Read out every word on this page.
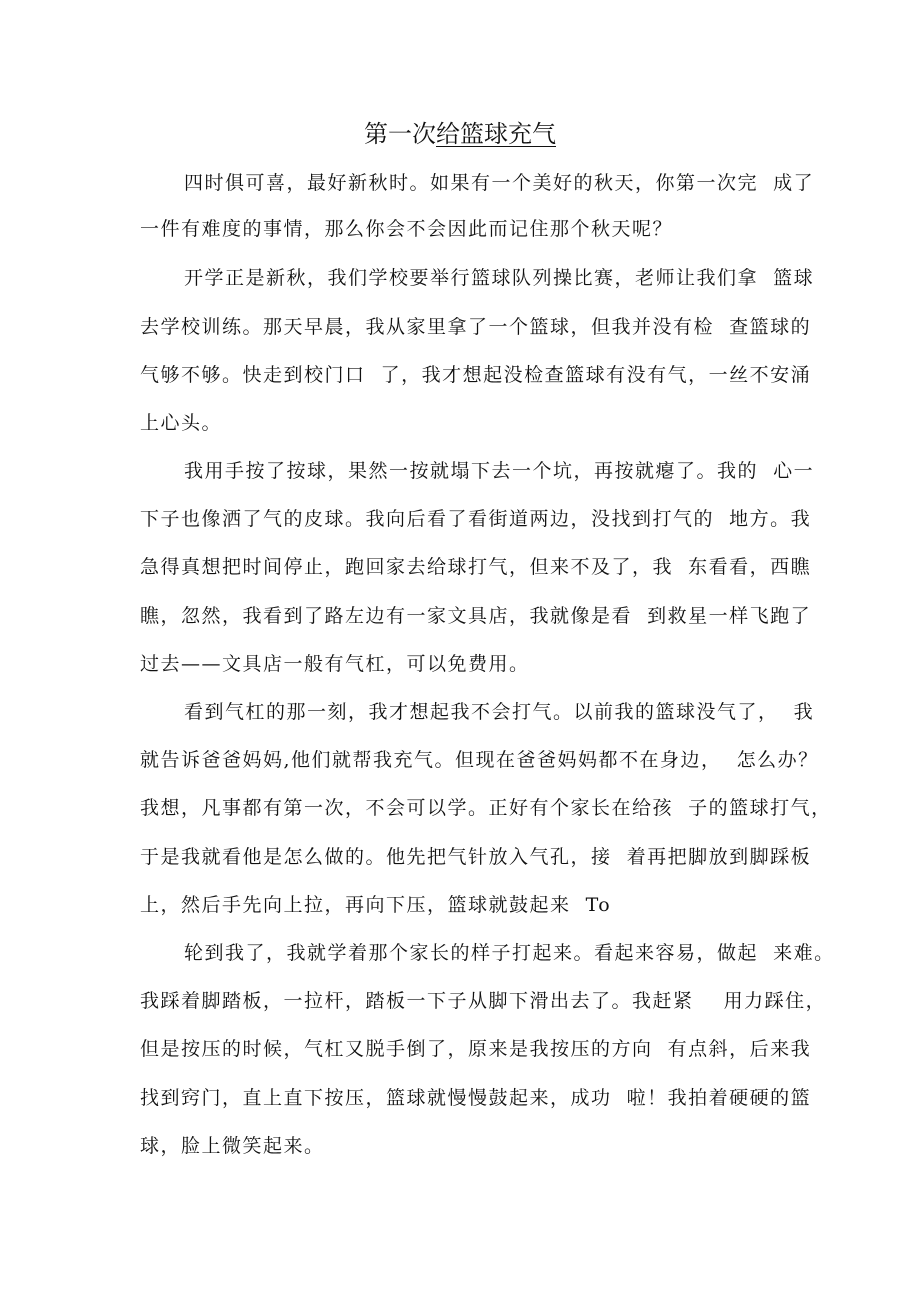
第一次给篮球充气

四时俱可喜，最好新秋时。如果有一个美好的秋天，你第一次完  成了

一件有难度的事情，那么你会不会因此而记住那个秋天呢？

开学正是新秋，我们学校要举行篮球队列操比赛，老师让我们拿  篮球

去学校训练。那天早晨，我从家里拿了一个篮球，但我并没有检  查篮球的

气够不够。快走到校门口  了，我才想起没检查篮球有没有气，一丝不安涌

上心头。

我用手按了按球，果然一按就塌下去一个坑，再按就瘪了。我的  心一

下子也像洒了气的皮球。我向后看了看街道两边，没找到打气的  地方。我

急得真想把时间停止，跑回家去给球打气，但来不及了，我  东看看，西瞧

瞧，忽然，我看到了路左边有一家文具店，我就像是看  到救星一样飞跑了

过去——文具店一般有气杠，可以免费用。

看到气杠的那一刻，我才想起我不会打气。以前我的篮球没气了，  我

就告诉爸爸妈妈,他们就帮我充气。但现在爸爸妈妈都不在身边，  怎么办？

我想，凡事都有第一次，不会可以学。正好有个家长在给孩  子的篮球打气，

于是我就看他是怎么做的。他先把气针放入气孔，接  着再把脚放到脚踩板

上，然后手先向上拉，再向下压，篮球就鼓起来  To

轮到我了，我就学着那个家长的样子打起来。看起来容易，做起  来难。

我踩着脚踏板，一拉杆，踏板一下子从脚下滑出去了。我赶紧    用力踩住，

但是按压的时候，气杠又脱手倒了，原来是我按压的方向  有点斜，后来我

找到窍门，直上直下按压，篮球就慢慢鼓起来，成功  啦！我拍着硬硬的篮

球，脸上微笑起来。
